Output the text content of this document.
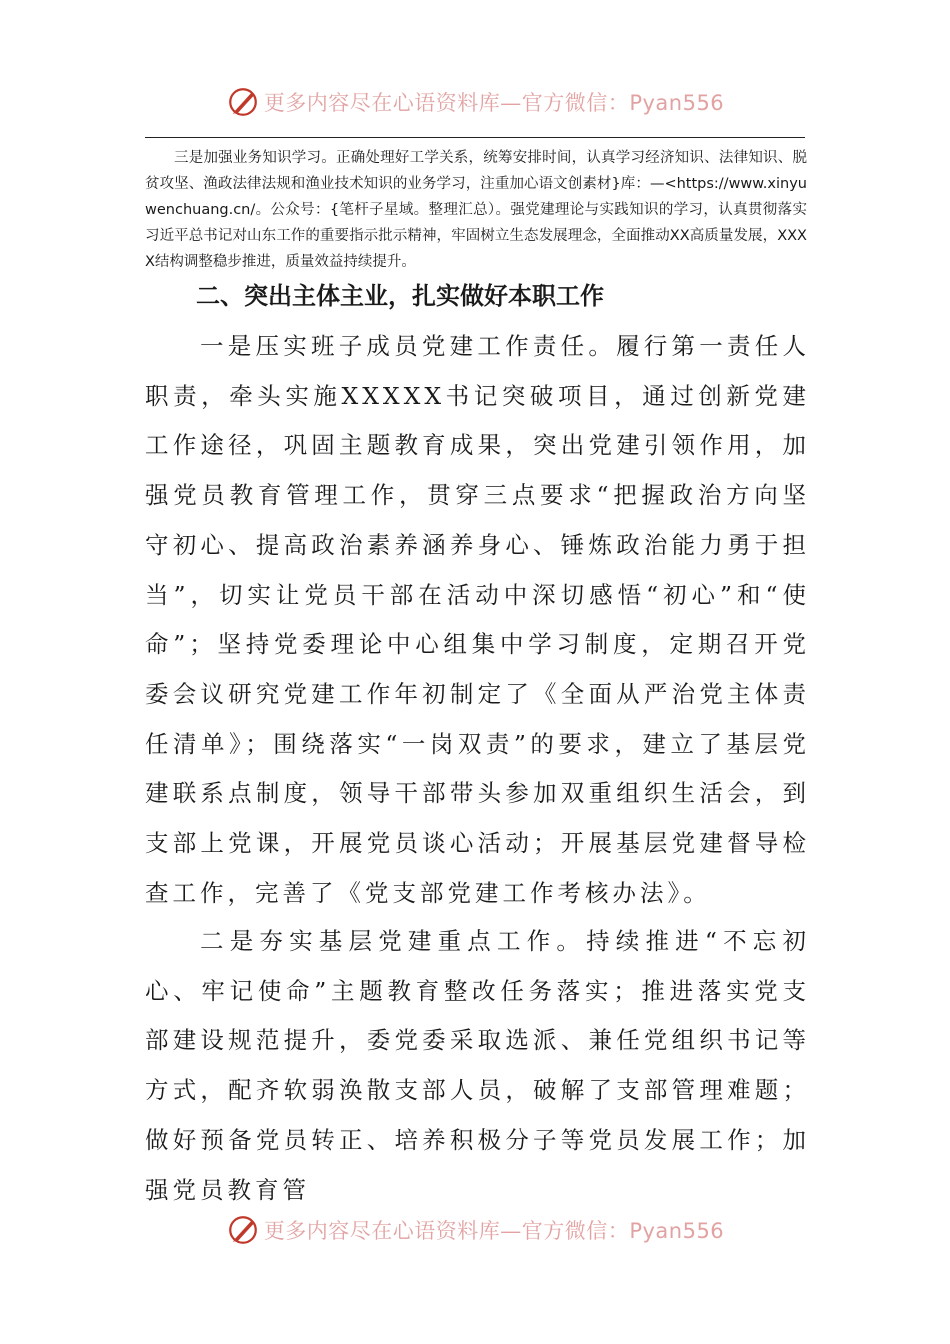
更多内容尽在心语资料库—官方微信：Pyan556

三是加强业务知识学习。正确处理好工学关系，统筹安排时间，认真学习经济知识、法律知识、脱贫攻坚、渔政法律法规和渔业技术知识的业务学习，注重加心语文创素材}库：—<https://www.xinyuwenchuang.cn/。公众号：{笔杆子星域。整理汇总）。强党建理论与实践知识的学习，认真贯彻落实习近平总书记对山东工作的重要指示批示精神，牢固树立生态发展理念，全面推动XX高质量发展，XXXX结构调整稳步推进，质量效益持续提升。

二、突出主体主业，扎实做好本职工作

一是压实班子成员党建工作责任。履行第一责任人职责，牵头实施XXXXX书记突破项目，通过创新党建工作途径，巩固主题教育成果，突出党建引领作用，加强党员教育管理工作，贯穿三点要求“把握政治方向坚守初心、提高政治素养涵养身心、锤炼政治能力勇于担当”，切实让党员干部在活动中深切感悟“初心”和“使命”；坚持党委理论中心组集中学习制度，定期召开党委会议研究党建工作年初制定了《全面从严治党主体责任清单》；围绕落实“一岗双责”的要求，建立了基层党建联系点制度，领导干部带头参加双重组织生活会，到支部上党课，开展党员谈心活动；开展基层党建督导检查工作，完善了《党支部党建工作考核办法》。

二是夯实基层党建重点工作。持续推进“不忘初心、牢记使命”主题教育整改任务落实；推进落实党支部建设规范提升，委党委采取选派、兼任党组织书记等方式，配齐软弱涣散支部人员，破解了支部管理难题；做好预备党员转正、培养积极分子等党员发展工作；加强党员教育管

更多内容尽在心语资料库—官方微信：Pyan556
